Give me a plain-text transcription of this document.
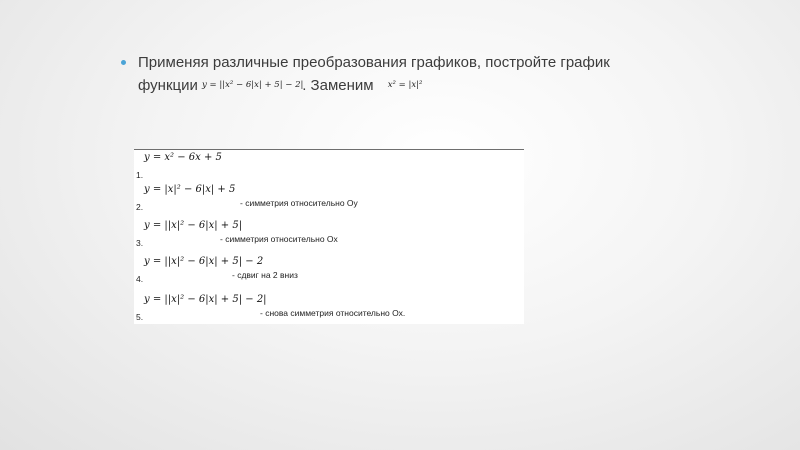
Применяя различные преобразования графиков, постройте график
функции y = ||x² − 6|x| + 5| − 2| . Заменим x² = |x|²
1.
y = x² − 6x + 5
2.
y = |x|² − 6|x| + 5
- симметрия относительно Оу
3.
y = ||x|² − 6|x| + 5|
- симметрия относительно Ох
4.
y = ||x|² − 6|x| + 5| − 2
- сдвиг на 2 вниз
5.
y = ||x|² − 6|x| + 5| − 2|
- снова симметрия относительно Ох.
